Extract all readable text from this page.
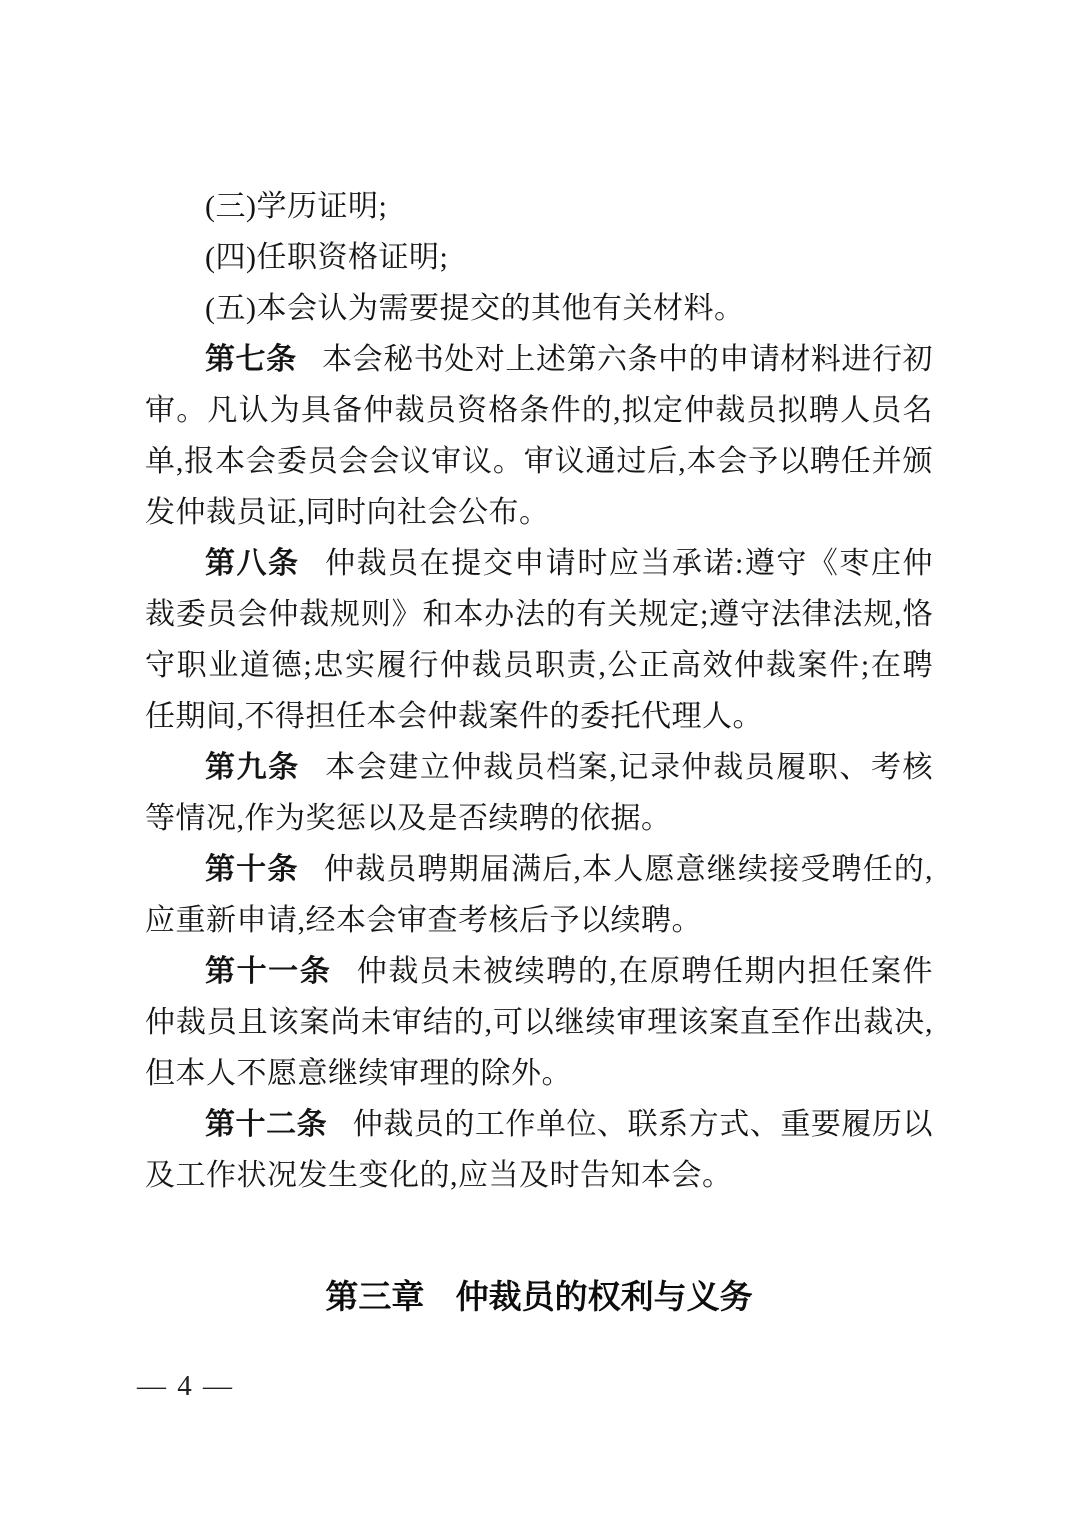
(三)学历证明;

(四)任职资格证明;

(五)本会认为需要提交的其他有关材料。

第七条 本会秘书处对上述第六条中的申请材料进行初审。凡认为具备仲裁员资格条件的,拟定仲裁员拟聘人员名单,报本会委员会会议审议。审议通过后,本会予以聘任并颁发仲裁员证,同时向社会公布。

第八条 仲裁员在提交申请时应当承诺:遵守《枣庄仲裁委员会仲裁规则》和本办法的有关规定;遵守法律法规,恪守职业道德;忠实履行仲裁员职责,公正高效仲裁案件;在聘任期间,不得担任本会仲裁案件的委托代理人。

第九条 本会建立仲裁员档案,记录仲裁员履职、考核等情况,作为奖惩以及是否续聘的依据。

第十条 仲裁员聘期届满后,本人愿意继续接受聘任的,应重新申请,经本会审查考核后予以续聘。

第十一条 仲裁员未被续聘的,在原聘任期内担任案件仲裁员且该案尚未审结的,可以继续审理该案直至作出裁决,但本人不愿意继续审理的除外。

第十二条 仲裁员的工作单位、联系方式、重要履历以及工作状况发生变化的,应当及时告知本会。

第三章 仲裁员的权利与义务
— 4 —
